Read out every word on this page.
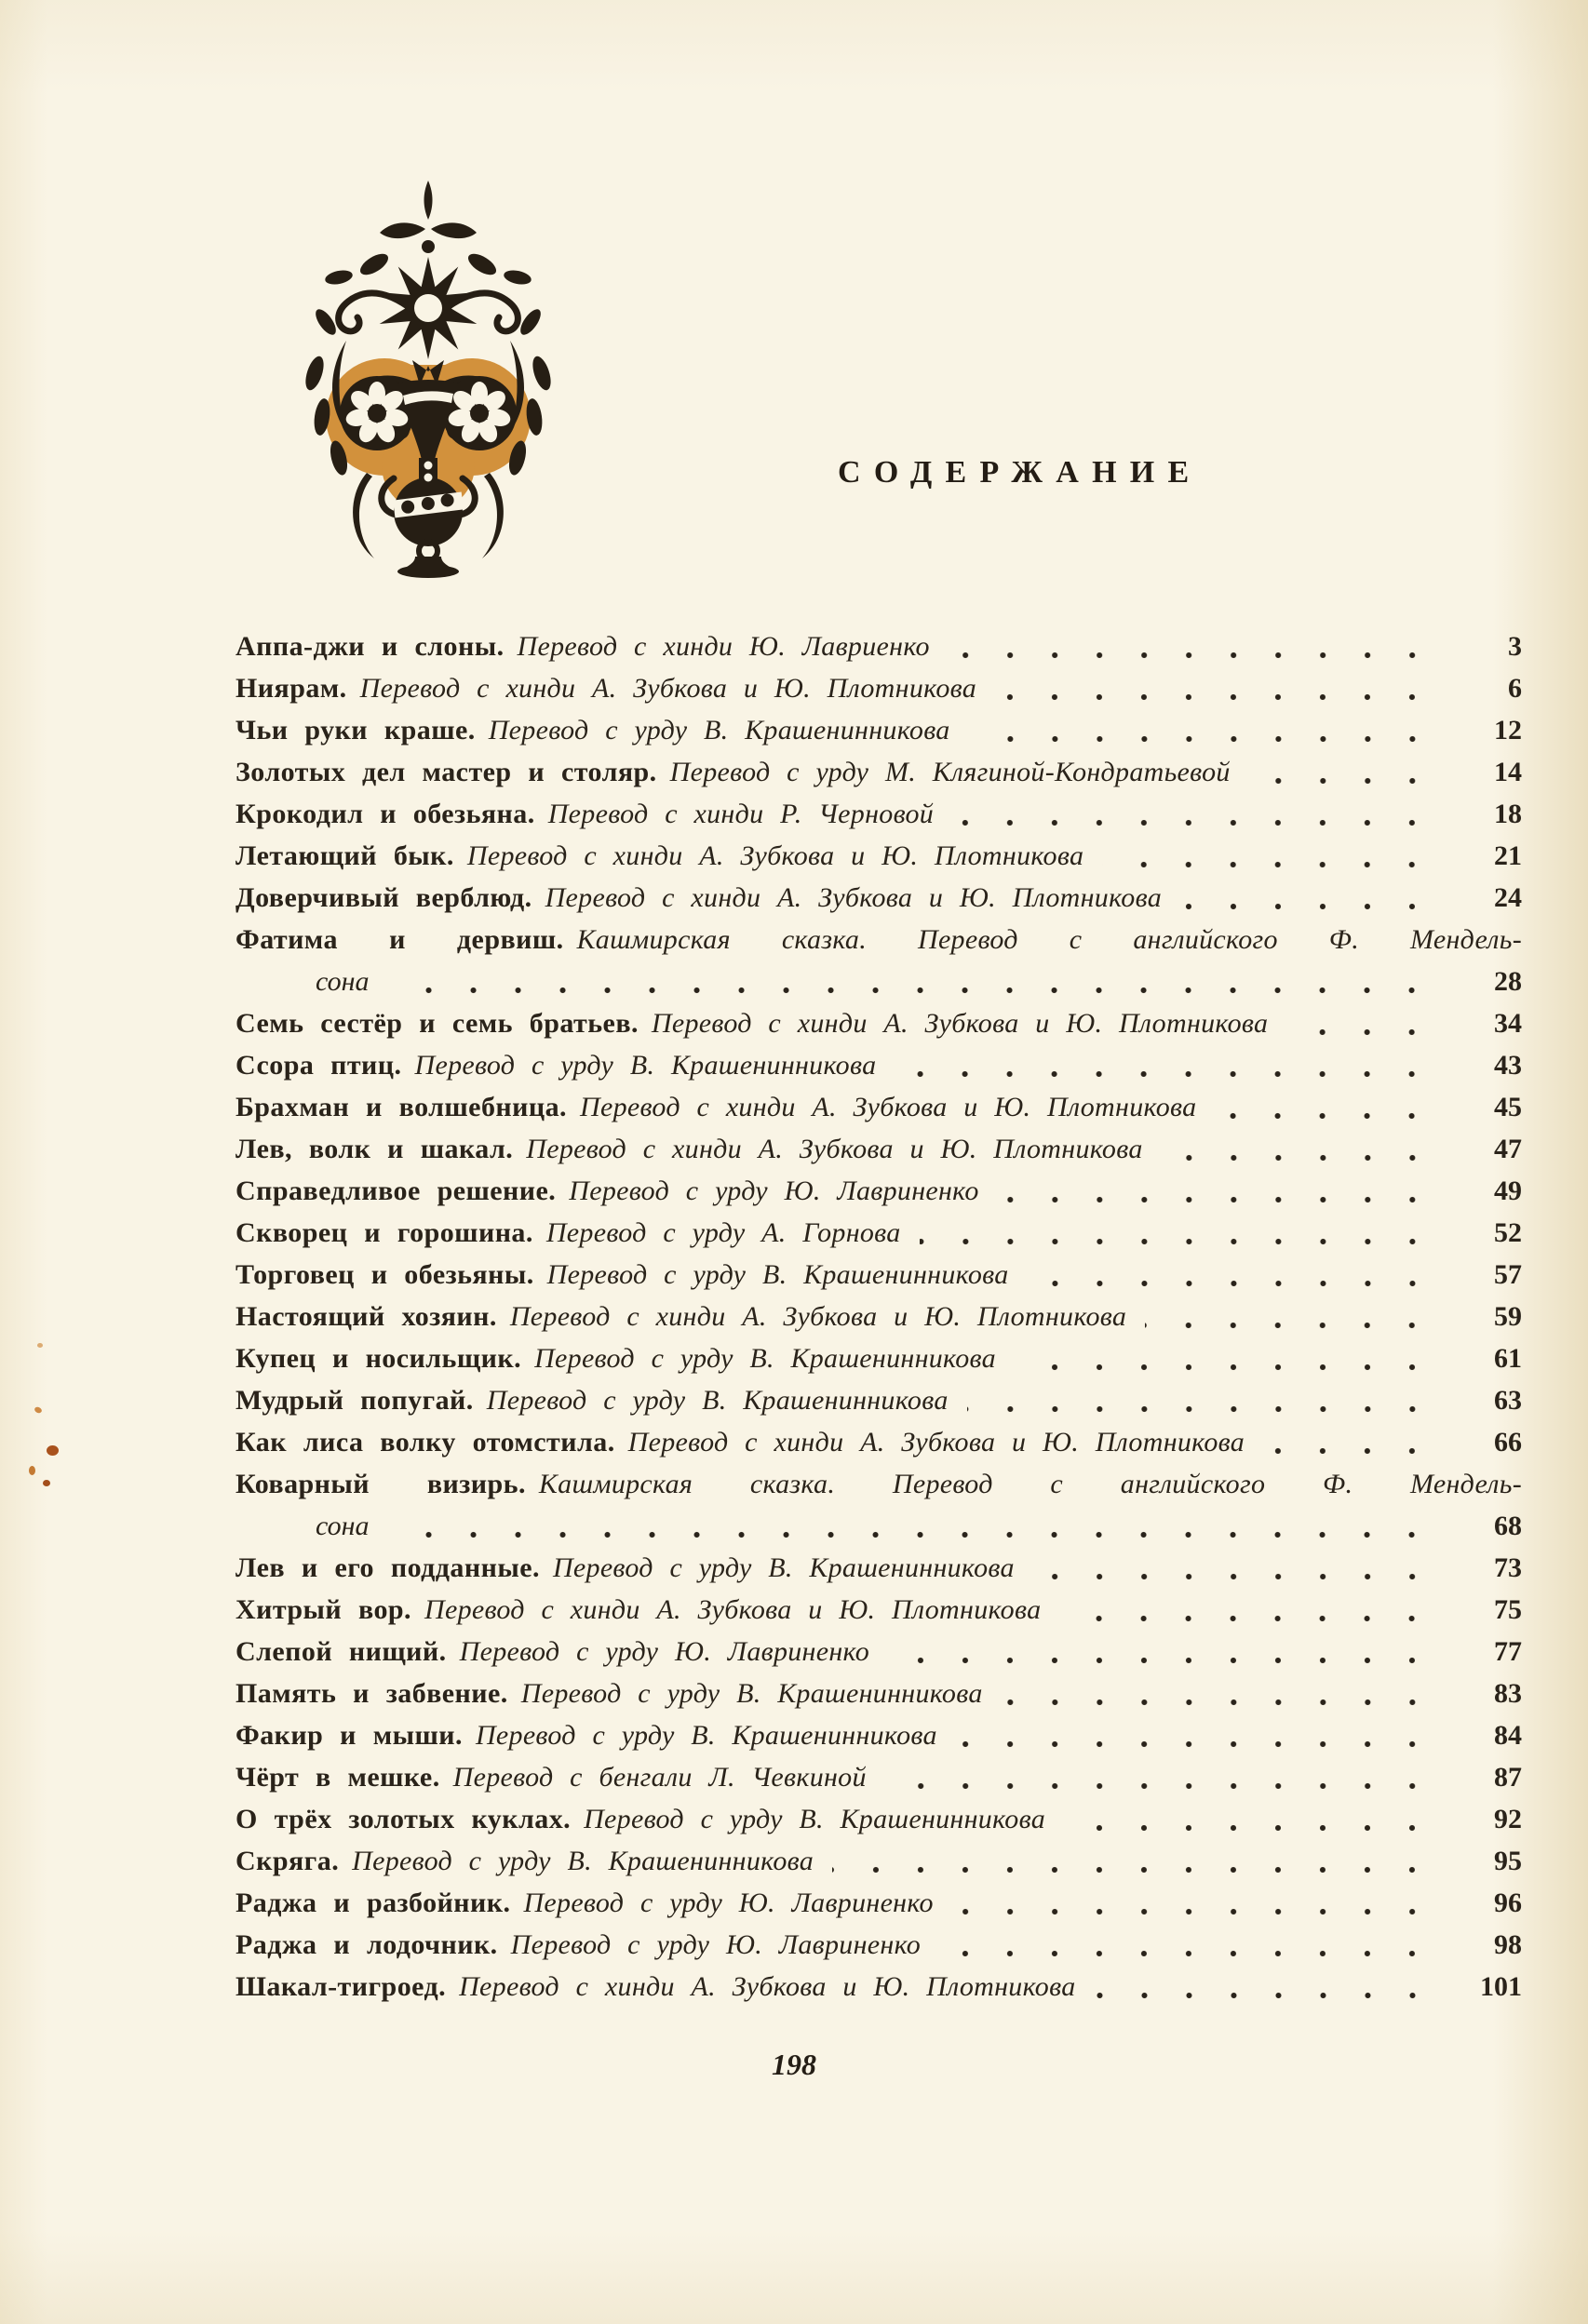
СОДЕРЖАНИЕ
Аппа-джи и слоны. Перевод с хинди Ю. Лавриенко	3
Ниярам. Перевод с хинди А. Зубкова и Ю. Плотникова	6
Чьи руки краше. Перевод с урду В. Крашенинникова	12
Золотых дел мастер и столяр. Перевод с урду М. Клягиной-Кондратьевой	14
Крокодил и обезьяна. Перевод с хинди Р. Черновой	18
Летающий бык. Перевод с хинди А. Зубкова и Ю. Плотникова	21
Доверчивый верблюд. Перевод с хинди А. Зубкова и Ю. Плотникова	24
Фатима и дервиш. Кашмирская сказка. Перевод с английского Ф. Мендель-
сона	28
Семь сестёр и семь братьев. Перевод с хинди А. Зубкова и Ю. Плотникова	34
Ссора птиц. Перевод с урду В. Крашенинникова	43
Брахман и волшебница. Перевод с хинди А. Зубкова и Ю. Плотникова	45
Лев, волк и шакал. Перевод с хинди А. Зубкова и Ю. Плотникова	47
Справедливое решение. Перевод с урду Ю. Лавриненко	49
Скворец и горошина. Перевод с урду А. Горнова	52
Торговец и обезьяны. Перевод с урду В. Крашенинникова	57
Настоящий хозяин. Перевод с хинди А. Зубкова и Ю. Плотникова	59
Купец и носильщик. Перевод с урду В. Крашенинникова	61
Мудрый попугай. Перевод с урду В. Крашенинникова	63
Как лиса волку отомстила. Перевод с хинди А. Зубкова и Ю. Плотникова	66
Коварный визирь. Кашмирская сказка. Перевод с английского Ф. Мендель-
сона	68
Лев и его подданные. Перевод с урду В. Крашенинникова	73
Хитрый вор. Перевод с хинди А. Зубкова и Ю. Плотникова	75
Слепой нищий. Перевод с урду Ю. Лавриненко	77
Память и забвение. Перевод с урду В. Крашенинникова	83
Факир и мыши. Перевод с урду В. Крашенинникова	84
Чёрт в мешке. Перевод с бенгали Л. Чевкиной	87
О трёх золотых куклах. Перевод с урду В. Крашенинникова	92
Скряга. Перевод с урду В. Крашенинникова	95
Раджа и разбойник. Перевод с урду Ю. Лавриненко	96
Раджа и лодочник. Перевод с урду Ю. Лавриненко	98
Шакал-тигроед. Перевод с хинди А. Зубкова и Ю. Плотникова	101
198
